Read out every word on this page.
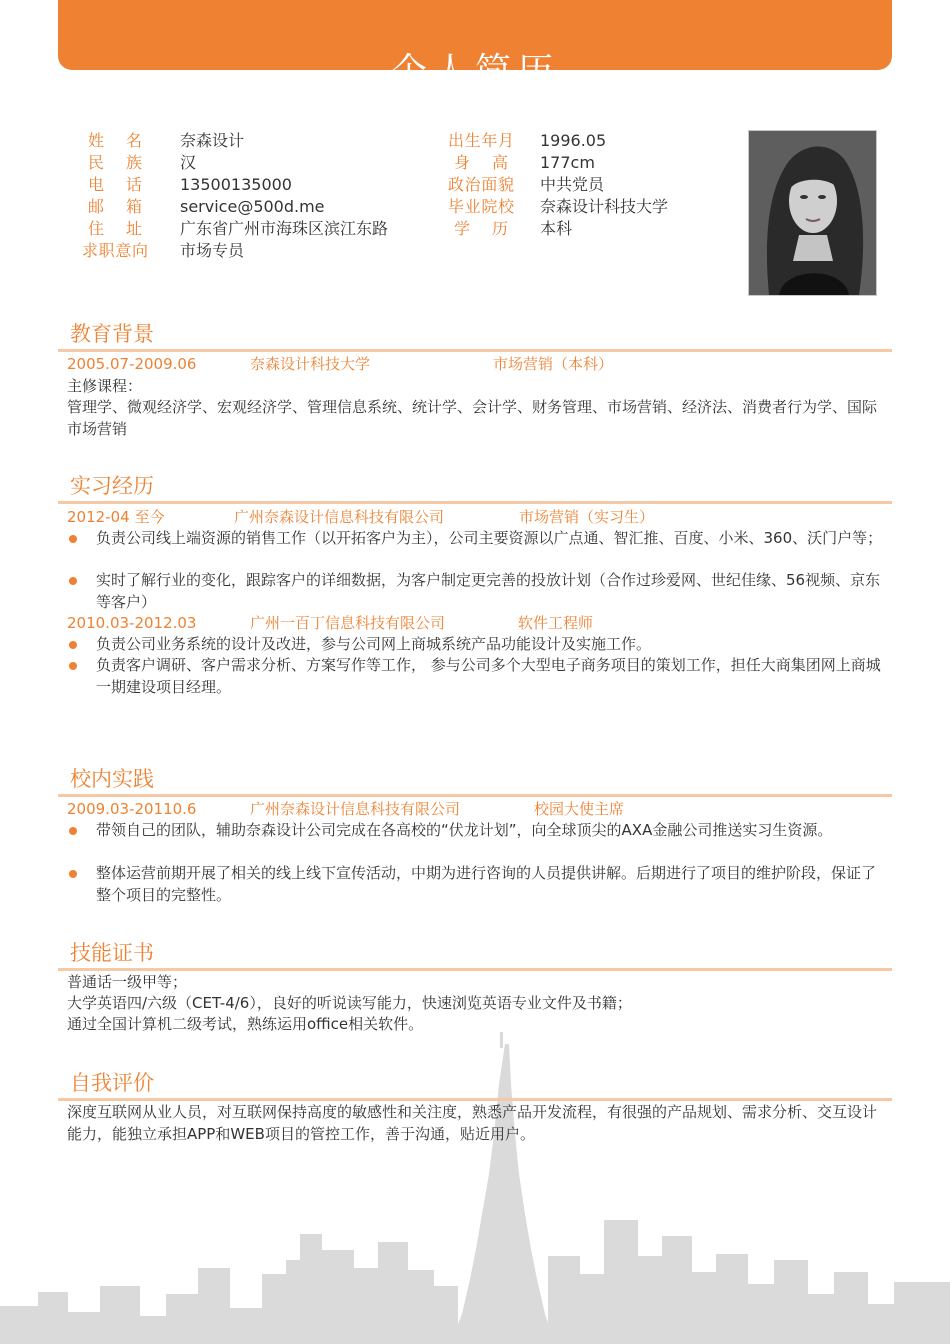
个人简历
姓名 奈森设计
民族 汉
电话 13500135000
邮箱 service@500d.me
住址 广东省广州市海珠区滨江东路
求职意向 市场专员
出生年月 1996.05
身高 177cm
政治面貌 中共党员
毕业院校 奈森设计科技大学
学历 本科
教育背景
2005.07-2009.06	奈森设计科技大学	市场营销（本科）
主修课程：
管理学、微观经济学、宏观经济学、管理信息系统、统计学、会计学、财务管理、市场营销、经济法、消费者行为学、国际市场营销
实习经历
2012-04 至今	广州奈森设计信息科技有限公司	市场营销（实习生）
负责公司线上端资源的销售工作（以开拓客户为主），公司主要资源以广点通、智汇推、百度、小米、360、沃门户等；
实时了解行业的变化，跟踪客户的详细数据，为客户制定更完善的投放计划（合作过珍爱网、世纪佳缘、56视频、京东等客户）
2010.03-2012.03	广州一百丁信息科技有限公司	软件工程师
负责公司业务系统的设计及改进，参与公司网上商城系统产品功能设计及实施工作。
负责客户调研、客户需求分析、方案写作等工作， 参与公司多个大型电子商务项目的策划工作，担任大商集团网上商城一期建设项目经理。
校内实践
2009.03-20110.6	广州奈森设计信息科技有限公司	校园大使主席
带领自己的团队，辅助奈森设计公司完成在各高校的“伏龙计划”，向全球顶尖的AXA金融公司推送实习生资源。
整体运营前期开展了相关的线上线下宣传活动，中期为进行咨询的人员提供讲解。后期进行了项目的维护阶段，保证了整个项目的完整性。
技能证书
普通话一级甲等；
大学英语四/六级（CET-4/6），良好的听说读写能力，快速浏览英语专业文件及书籍；
通过全国计算机二级考试，熟练运用office相关软件。
自我评价
深度互联网从业人员，对互联网保持高度的敏感性和关注度，熟悉产品开发流程，有很强的产品规划、需求分析、交互设计能力，能独立承担APP和WEB项目的管控工作，善于沟通，贴近用户。
